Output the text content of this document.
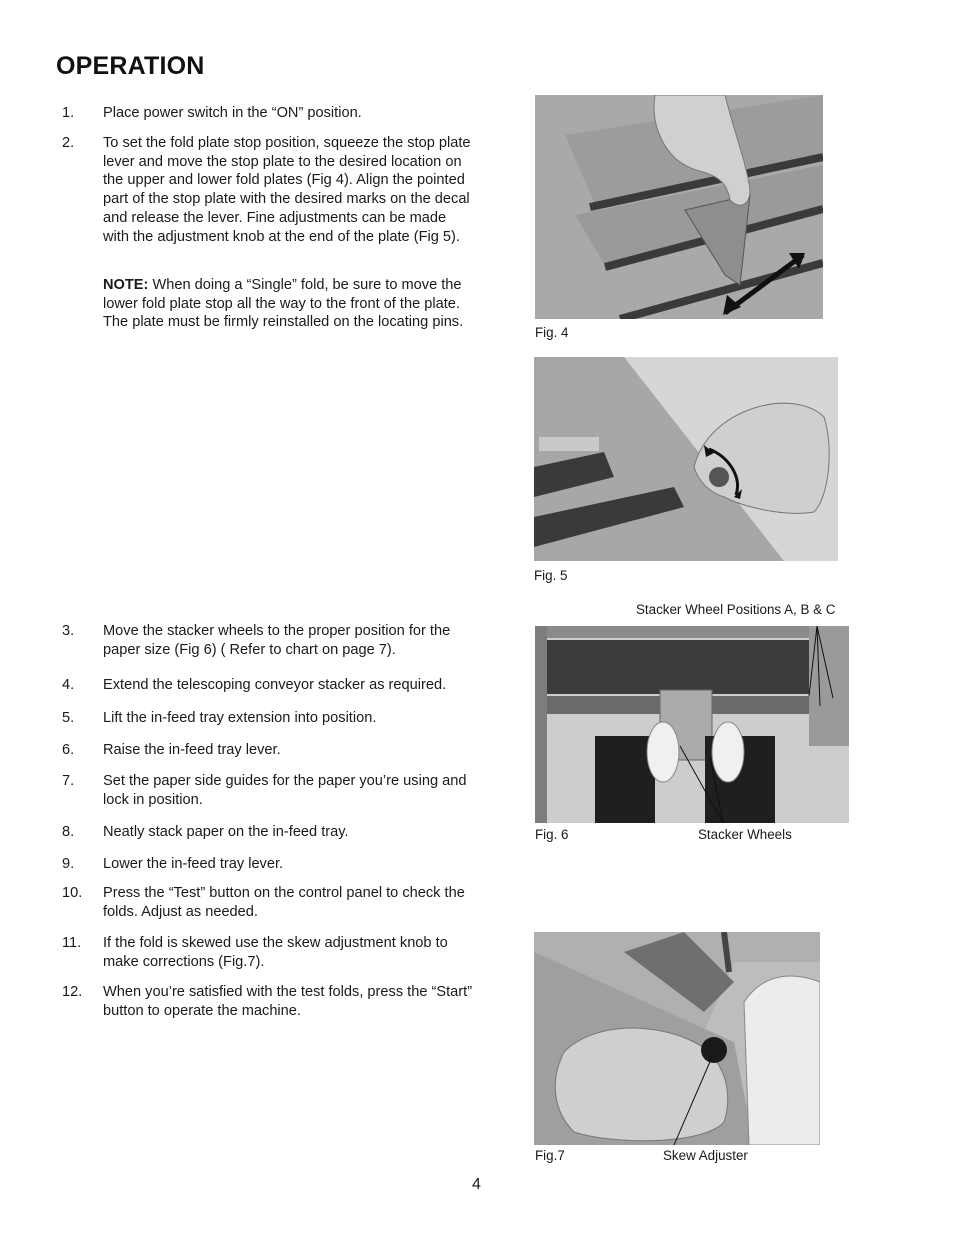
OPERATION
1. Place power switch in the “ON” position.
2. To set the fold plate stop position, squeeze the stop plate lever and move the stop plate to the desired location on the upper and lower fold plates (Fig 4). Align the pointed part of the stop plate with the desired marks on the decal and release the lever. Fine adjustments can be made with the adjustment knob at the end of the plate (Fig 5).
NOTE: When doing a “Single” fold, be sure to move the lower fold plate stop all the way to the front of the plate. The plate must be firmly reinstalled on the locating pins.
3. Move the stacker wheels to the proper position for the paper size (Fig 6) ( Refer to chart on page 7).
4. Extend the telescoping conveyor stacker as required.
5. Lift the in-feed tray extension into position.
6. Raise the in-feed tray lever.
7. Set the paper side guides for the paper you’re using and lock in position.
8. Neatly stack paper on the in-feed tray.
9. Lower the in-feed tray lever.
10. Press the “Test” button on the control panel to check the folds. Adjust as needed.
11. If the fold is skewed use the skew adjustment knob to make corrections (Fig.7).
12. When you’re satisfied with the test folds, press the “Start” button to operate the machine.
Fig. 4
Fig. 5
Stacker Wheel Positions A, B & C
Fig. 6	Stacker Wheels
Fig.7	Skew Adjuster
4
